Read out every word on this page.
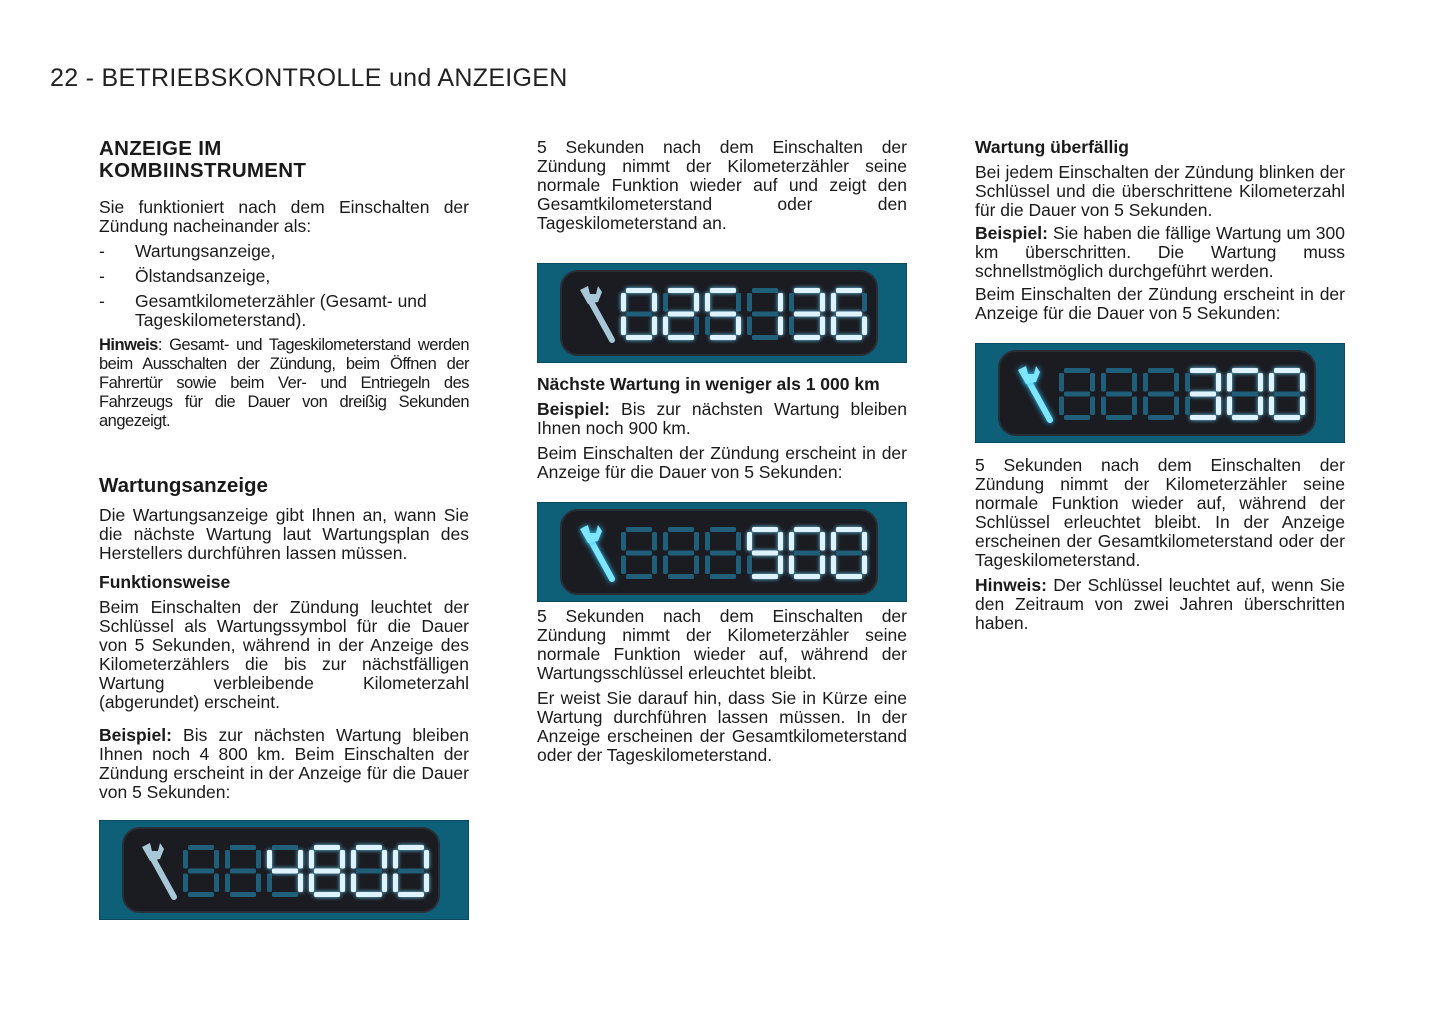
22 - BETRIEBSKONTROLLE und ANZEIGEN
ANZEIGE IM
KOMBIINSTRUMENT

Sie funktioniert nach dem Einschalten der Zündung nacheinander als:

- Wartungsanzeige,
- Ölstandsanzeige,
- Gesamtkilometerzähler (Gesamt- und Tageskilometerstand).

Hinweis: Gesamt- und Tageskilometerstand werden beim Ausschalten der Zündung, beim Öffnen der Fahrertür sowie beim Ver- und Entriegeln des Fahrzeugs für die Dauer von dreißig Sekunden angezeigt.

Wartungsanzeige

Die Wartungsanzeige gibt Ihnen an, wann Sie die nächste Wartung laut Wartungsplan des Herstellers durchführen lassen müssen.

Funktionsweise

Beim Einschalten der Zündung leuchtet der Schlüssel als Wartungssymbol für die Dauer von 5 Sekunden, während in der Anzeige des Kilometerzählers die bis zur nächstfälligen Wartung verbleibende Kilometerzahl (abgerundet) erscheint.

Beispiel: Bis zur nächsten Wartung bleiben Ihnen noch 4 800 km. Beim Einschalten der Zündung erscheint in der Anzeige für die Dauer von 5 Sekunden:

5 Sekunden nach dem Einschalten der Zündung nimmt der Kilometerzähler seine normale Funktion wieder auf und zeigt den Gesamtkilometerstand oder den Tageskilometerstand an.

Nächste Wartung in weniger als 1 000 km

Beispiel: Bis zur nächsten Wartung bleiben Ihnen noch 900 km.

Beim Einschalten der Zündung erscheint in der Anzeige für die Dauer von 5 Sekunden:

5 Sekunden nach dem Einschalten der Zündung nimmt der Kilometerzähler seine normale Funktion wieder auf, während der Wartungsschlüssel erleuchtet bleibt.

Er weist Sie darauf hin, dass Sie in Kürze eine Wartung durchführen lassen müssen. In der Anzeige erscheinen der Gesamtkilometerstand oder der Tageskilometerstand.

Wartung überfällig

Bei jedem Einschalten der Zündung blinken der Schlüssel und die überschrittene Kilometerzahl für die Dauer von 5 Sekunden.

Beispiel: Sie haben die fällige Wartung um 300 km überschritten. Die Wartung muss schnellstmöglich durchgeführt werden.

Beim Einschalten der Zündung erscheint in der Anzeige für die Dauer von 5 Sekunden:

5 Sekunden nach dem Einschalten der Zündung nimmt der Kilometerzähler seine normale Funktion wieder auf, während der Schlüssel erleuchtet bleibt. In der Anzeige erscheinen der Gesamtkilometerstand oder der Tageskilometerstand.

Hinweis: Der Schlüssel leuchtet auf, wenn Sie den Zeitraum von zwei Jahren überschritten haben.
